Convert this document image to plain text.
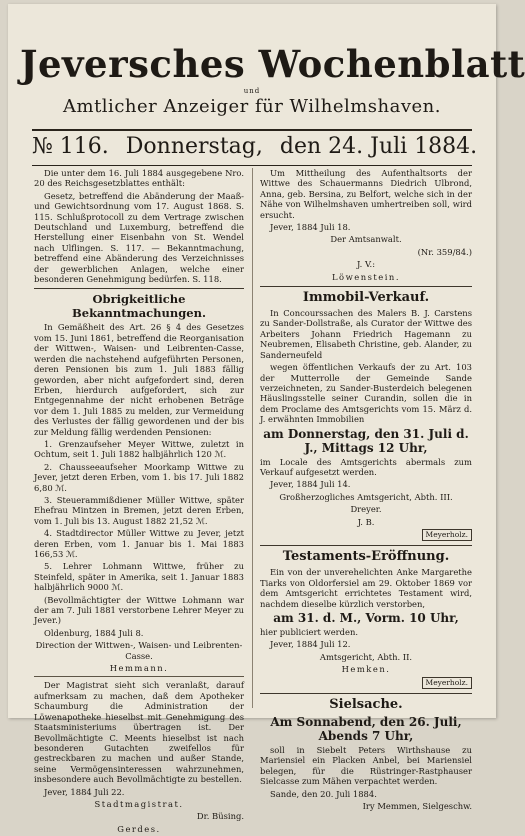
Jeversches Wochenblatt
und
Amtlicher Anzeiger für Wilhelmshaven.
№ 116. Donnerstag, den 24. Juli 1884.

Die unter dem 16. Juli 1884 ausgegebene Nro. 20 des Reichsgesetzblattes enthält:

Gesetz, betreffend die Abänderung der Maaß- und Gewichtsordnung vom 17. August 1868. S. 115. Schlußprotocoll zu dem Vertrage zwischen Deutschland und Luxemburg, betreffend die Herstellung einer Eisenbahn von St. Wendel nach Ulflingen. S. 117. — Bekanntmachung, betreffend eine Abänderung des Verzeichnisses der gewerblichen Anlagen, welche einer besonderen Genehmigung bedürfen. S. 118.

Obrigkeitliche Bekanntmachungen.

In Gemäßheit des Art. 26 § 4 des Gesetzes vom 15. Juni 1861, betreffend die Reorganisation der Wittwen-, Waisen- und Leibrenten-Casse, werden die nachstehend aufgeführten Personen, deren Pensionen bis zum 1. Juli 1883 fällig geworden, aber nicht aufgefordert sind, deren Erben, hierdurch aufgefordert, sich zur Entgegennahme der nicht erhobenen Beträge vor dem 1. Juli 1885 zu melden, zur Vermeidung des Verlustes der fällig gewordenen und der bis zur Meldung fällig werdenden Pensionen:

1. Grenzaufseher Meyer Wittwe, zuletzt in Ochtum, seit 1. Juli 1882 halbjährlich 120 ℳ.

2. Chausseeaufseher Moorkamp Wittwe zu Jever, jetzt deren Erben, vom 1. bis 17. Juli 1882 6,80 ℳ.

3. Steuerammißdiener Müller Wittwe, später Ehefrau Mintzen in Bremen, jetzt deren Erben, vom 1. Juli bis 13. August 1882 21,52 ℳ.

4. Stadtdirector Müller Wittwe zu Jever, jetzt deren Erben, vom 1. Januar bis 1. Mai 1883 166,53 ℳ.

5. Lehrer Lohmann Wittwe, früher zu Steinfeld, später in Amerika, seit 1. Januar 1883 halbjährlich 9000 ℳ.

(Bevollmächtigter der Wittwe Lohmann war der am 7. Juli 1881 verstorbene Lehrer Meyer zu Jever.)

Oldenburg, 1884 Juli 8.

Direction der Wittwen-, Waisen- und Leibrenten-Casse.

Hemmann.

Der Magistrat sieht sich veranlaßt, darauf aufmerksam zu machen, daß dem Apotheker Schaumburg die Administration der Löwenapotheke hieselbst mit Genehmigung des Staatsministeriums übertragen ist. Der Bevollmächtigte C. Meents hieselbst ist nach besonderen Gutachten zweifellos für gestreckbaren zu machen und außer Stande, seine Vermögensinteressen wahrzunehmen, insbesondere auch Bevollmächtigte zu bestellen.

Jever, 1884 Juli 22.

Stadtmagistrat.

Dr. Büsing.

Gerdes.

Um Mittheilung des Aufenthaltsorts der Wittwe des Schauermanns Diedrich Ulbrond, Anna, geb. Bersina, zu Belfort, welche sich in der Nähe von Wilhelmshaven umhertreiben soll, wird ersucht.

Jever, 1884 Juli 18.

Der Amtsanwalt.

(Nr. 359/84.)

J. V.:

Löwenstein.

Immobil-Verkauf.

In Concourssachen des Malers B. J. Carstens zu Sander-Dollstraße, als Curator der Wittwe des Arbeiters Johann Friedrich Hagemann zu Neubremen, Elisabeth Christine, geb. Alander, zu Sanderneufeld

wegen öffentlichen Verkaufs der zu Art. 103 der Mutterrolle der Gemeinde Sande verzeichneten, zu Sander-Busterdeich belegenen Häuslingsstelle seiner Curandin, sollen die in dem Proclame des Amtsgerichts vom 15. März d. J. erwähnten Immobilien

am Donnerstag, den 31. Juli d. J., Mittags 12 Uhr,

im Locale des Amtsgerichts abermals zum Verkauf aufgesetzt werden.

Jever, 1884 Juli 14.

Großherzogliches Amtsgericht, Abth. III.

Dreyer.

J. B.

Meyerholz.

Testaments-Eröffnung.

Ein von der unverehelichten Anke Margarethe Tiarks von Oldorfersiel am 29. Oktober 1869 vor dem Amtsgericht errichtetes Testament wird, nachdem dieselbe kürzlich verstorben,

am 31. d. M., Vorm. 10 Uhr,

hier publiciert werden.

Jever, 1884 Juli 12.

Amtsgericht, Abth. II.

Hemken.

Meyerholz.

Sielsache.

Am Sonnabend, den 26. Juli, Abends 7 Uhr,

soll in Siebelt Peters Wirthshause zu Mariensiel ein Placken Anbel, bei Mariensiel belegen, für die Rüstringer-Rastphauser Sielcasse zum Mähen verpachtet werden.

Sande, den 20. Juli 1884.

Iry Memmen, Sielgeschw.
